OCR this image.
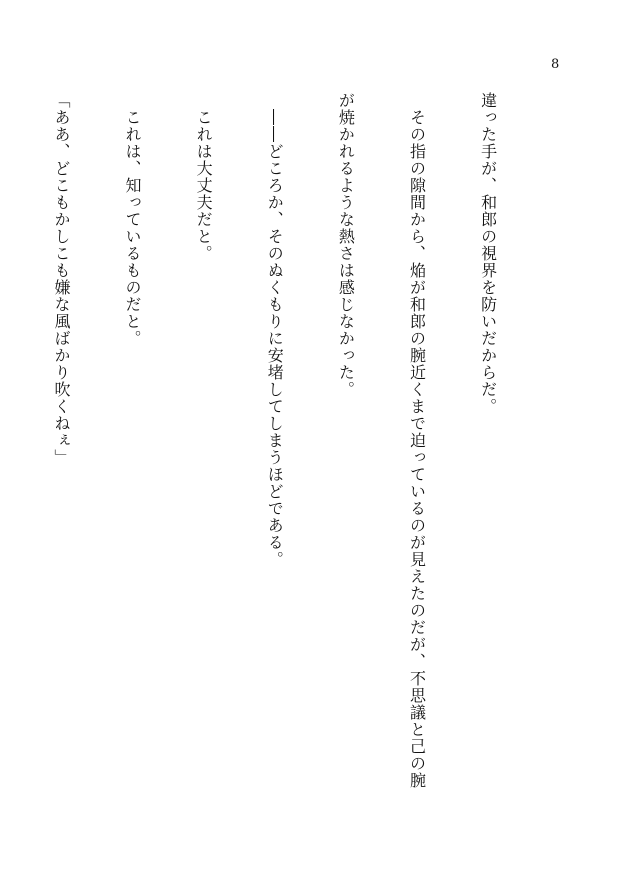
8

違った手が、和郎の視界を防いだからだ。

　その指の隙間から、焔が和郎の腕近くまで迫っているのが見えたのだが、不思議と己の腕

が焼かれるような熱さは感じなかった。

　――どころか、そのぬくもりに安堵してしまうほどである。

　これは大丈夫だと。

　これは、知っているものだと。

「ああ、どこもかしこも嫌な風ばかり吹くねぇ」
